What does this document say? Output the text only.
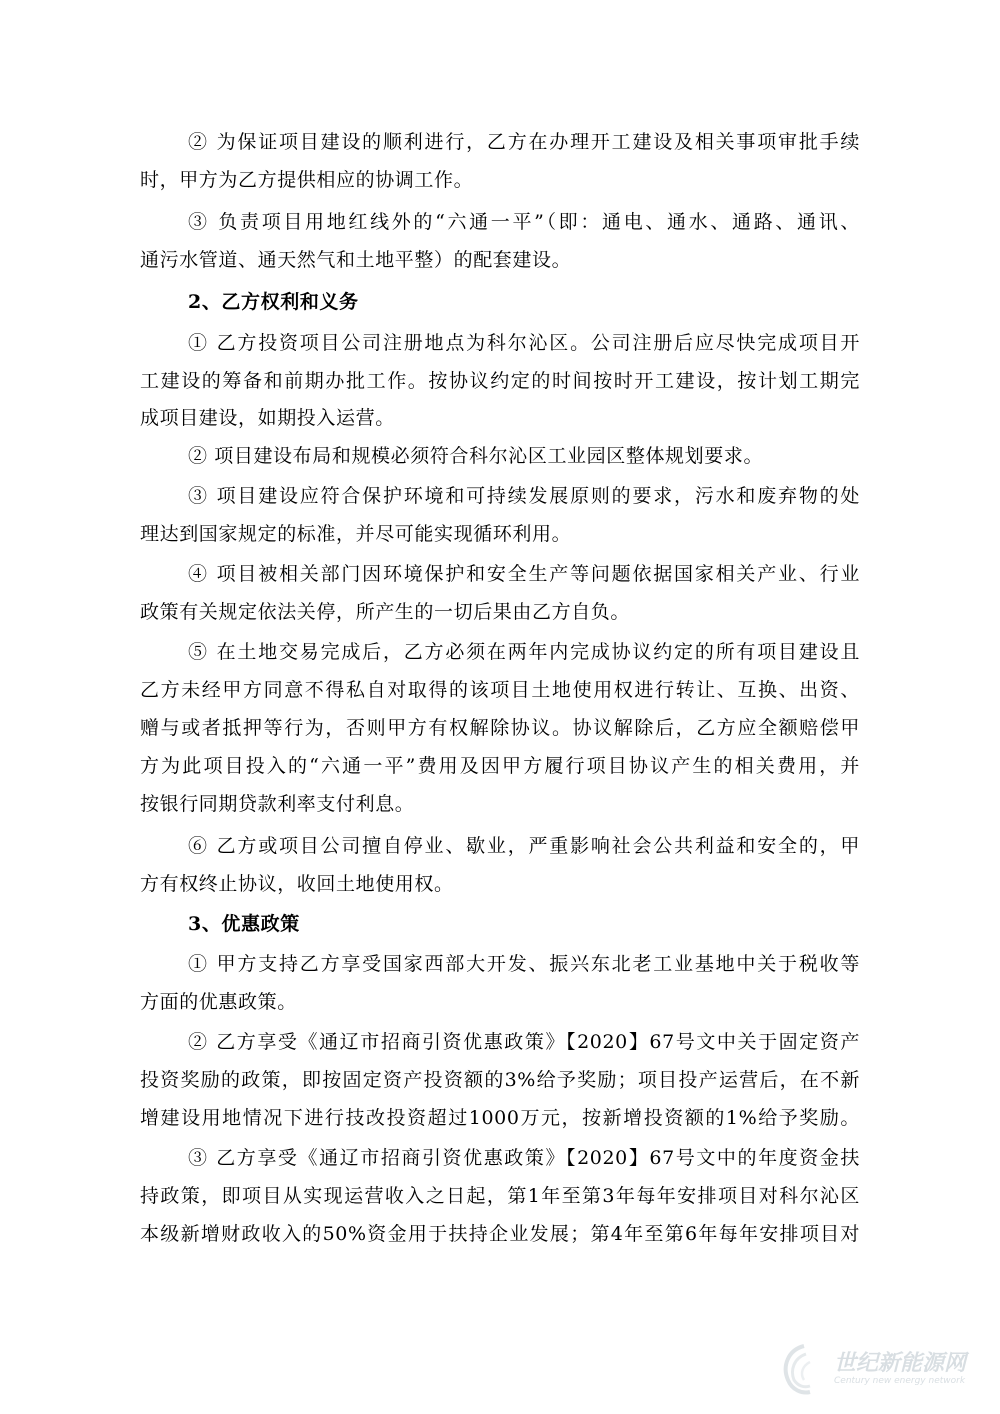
② 为保证项目建设的顺利进行，乙方在办理开工建设及相关事项审批手续
时，甲方为乙方提供相应的协调工作。
③ 负责项目用地红线外的“六通一平”（即：通电、通水、通路、通讯、
通污水管道、通天然气和土地平整）的配套建设。
2、乙方权利和义务
① 乙方投资项目公司注册地点为科尔沁区。公司注册后应尽快完成项目开
工建设的筹备和前期办批工作。按协议约定的时间按时开工建设，按计划工期完
成项目建设，如期投入运营。
② 项目建设布局和规模必须符合科尔沁区工业园区整体规划要求。
③ 项目建设应符合保护环境和可持续发展原则的要求，污水和废弃物的处
理达到国家规定的标准，并尽可能实现循环利用。
④ 项目被相关部门因环境保护和安全生产等问题依据国家相关产业、行业
政策有关规定依法关停，所产生的一切后果由乙方自负。
⑤ 在土地交易完成后，乙方必须在两年内完成协议约定的所有项目建设且
乙方未经甲方同意不得私自对取得的该项目土地使用权进行转让、互换、出资、
赠与或者抵押等行为，否则甲方有权解除协议。协议解除后，乙方应全额赔偿甲
方为此项目投入的“六通一平”费用及因甲方履行项目协议产生的相关费用，并
按银行同期贷款利率支付利息。
⑥ 乙方或项目公司擅自停业、歇业，严重影响社会公共利益和安全的，甲
方有权终止协议，收回土地使用权。
3、优惠政策
① 甲方支持乙方享受国家西部大开发、振兴东北老工业基地中关于税收等
方面的优惠政策。
② 乙方享受《通辽市招商引资优惠政策》【2020】67号文中关于固定资产
投资奖励的政策，即按固定资产投资额的3%给予奖励；项目投产运营后，在不新
增建设用地情况下进行技改投资超过1000万元，按新增投资额的1%给予奖励。
③ 乙方享受《通辽市招商引资优惠政策》【2020】67号文中的年度资金扶
持政策，即项目从实现运营收入之日起，第1年至第3年每年安排项目对科尔沁区
本级新增财政收入的50%资金用于扶持企业发展；第4年至第6年每年安排项目对
世纪新能源网
Century new energy network
